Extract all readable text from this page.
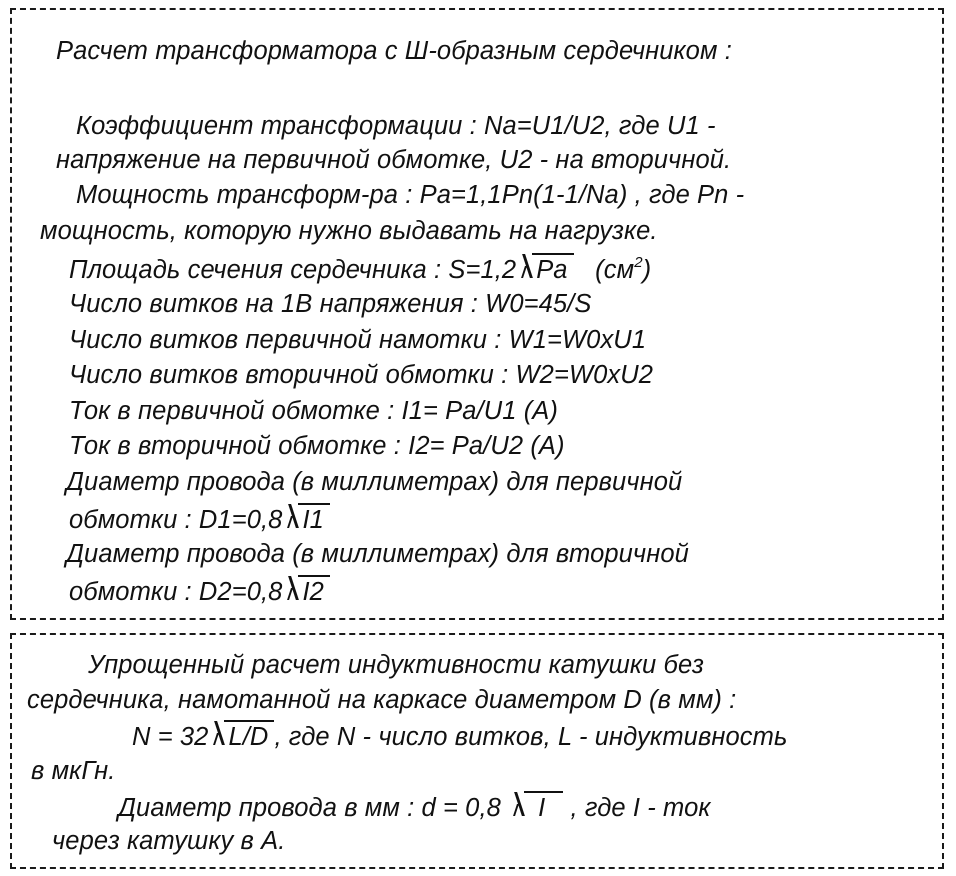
Расчет трансформатора с Ш-образным сердечником :
Коэффициент трансформации : Na=U1/U2, где U1 -
напряжение на первичной обмотке, U2 - на вторичной.
Мощность трансформ-ра : Pa=1,1Pn(1-1/Na) , где Pn -
мощность, которую нужно выдавать на нагрузке.
Площадь сечения сердечника : S=1,2 Pa $(см^2)$
Число витков на 1В напряжения : W0=45/S
Число витков первичной намотки : W1=W0xU1
Число витков вторичной обмотки : W2=W0xU2
Ток в первичной обмотке : I1= Pa/U1 (A)
Ток в вторичной обмотке : I2= Pa/U2 (A)
Диаметр провода (в миллиметрах) для первичной
обмотки : D1=0,8 I1
Диаметр провода (в миллиметрах) для вторичной
обмотки : D2=0,8 I2
Упрощенный расчет индуктивности катушки без
сердечника, намотанной на каркасе диаметром D (в мм) :
N = 32 L/D , где N - число витков, L - индуктивность
в мкГн.
Диаметр провода в мм : d = 0,8 I , где I - ток
через катушку в A.
